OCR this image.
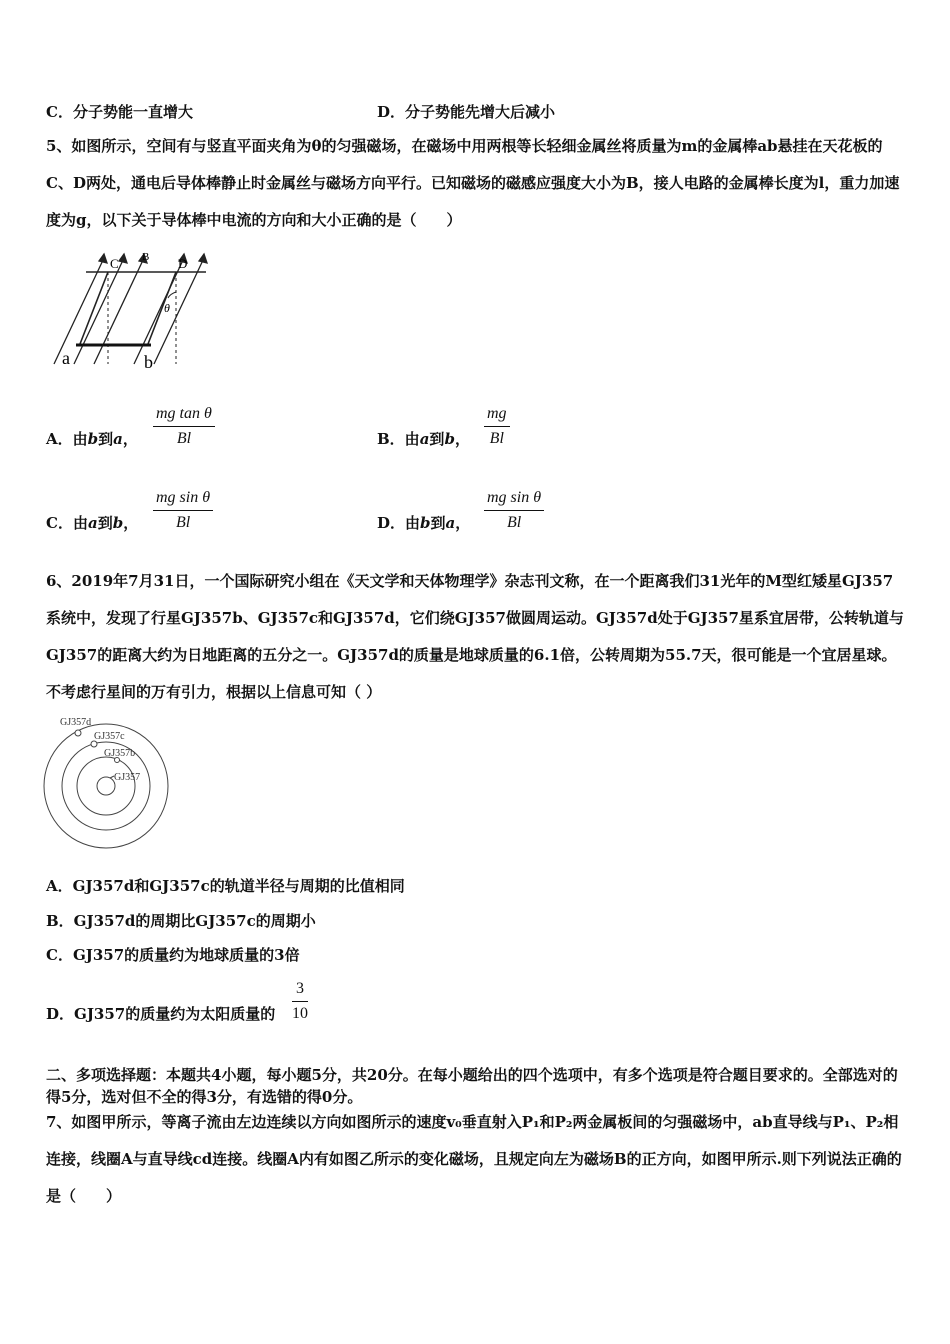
C．分子势能一直增大	D．分子势能先增大后减小
5、如图所示，空间有与竖直平面夹角为θ的匀强磁场，在磁场中用两根等长轻细金属丝将质量为m的金属棒ab悬挂在天花板的C、D两处，通电后导体棒静止时金属丝与磁场方向平行。已知磁场的磁感应强度大小为B，接人电路的金属棒长度为l，重力加速度为g，以下关于导体棒中电流的方向和大小正确的是（　　）
C B D
θ
a	b
A．由b到a， $\frac{\text{mg tan θ}}{Bl}$	B．由a到b， $\frac{mg}{Bl}$
C．由a到b， $\frac{\text{mg sin θ}}{Bl}$	D．由b到a， $\frac{\text{mg sin θ}}{Bl}$
6、2019年7月31日，一个国际研究小组在《天文学和天体物理学》杂志刊文称，在一个距离我们31光年的M型红矮星GJ357系统中，发现了行星GJ357b、GJ357c和GJ357d，它们绕GJ357做圆周运动。GJ357d处于GJ357星系宜居带，公转轨道与GJ357的距离大约为日地距离的五分之一。GJ357d的质量是地球质量的6.1倍，公转周期为55.7天，很可能是一个宜居星球。不考虑行星间的万有引力，根据以上信息可知（ ）
GJ357d
GJ357c
GJ357b
GJ357
A．GJ357d和GJ357c的轨道半径与周期的比值相同
B．GJ357d的周期比GJ357c的周期小
C．GJ357的质量约为地球质量的3倍
D．GJ357的质量约为太阳质量的 $\frac{3}{10}$
二、多项选择题：本题共4小题，每小题5分，共20分。在每小题给出的四个选项中，有多个选项是符合题目要求的。全部选对的得5分，选对但不全的得3分，有选错的得0分。
7、如图甲所示，等离子流由左边连续以方向如图所示的速度v₀垂直射入P₁和P₂两金属板间的匀强磁场中，ab直导线与P₁、P₂相连接，线圈A与直导线cd连接。线圈A内有如图乙所示的变化磁场，且规定向左为磁场B的正方向，如图甲所示.则下列说法正确的是（　　）
